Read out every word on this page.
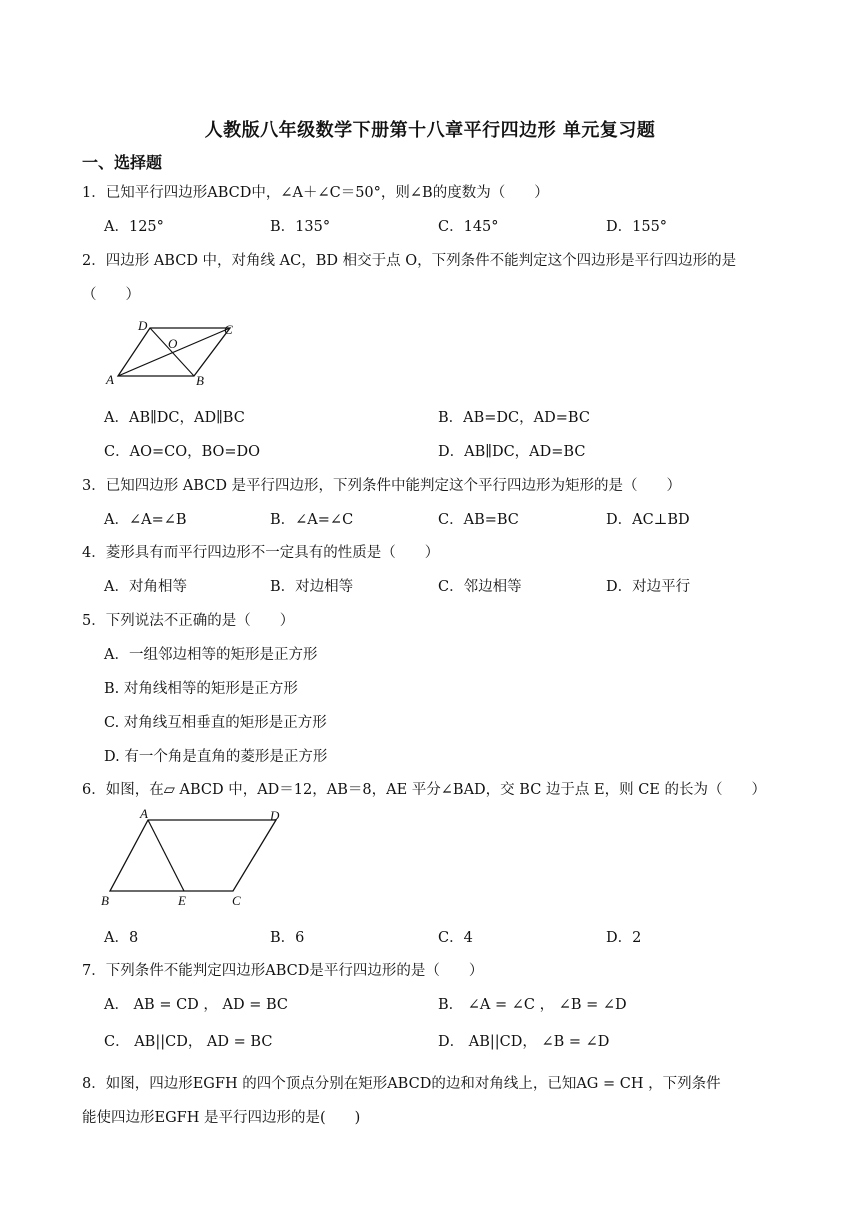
人教版八年级数学下册第十八章平行四边形 单元复习题
一、选择题
1．已知平行四边形ABCD中，∠A＋∠C＝50°，则∠B的度数为（　　）
A．125°	B．135°	C．145°	D．155°
2．四边形 ABCD 中，对角线 AC，BD 相交于点 O，下列条件不能判定这个四边形是平行四边形的是
（　　）
D	C
O
A	B
A．AB∥DC，AD∥BC	B．AB=DC，AD=BC
C．AO=CO，BO=DO	D．AB∥DC，AD=BC
3．已知四边形 ABCD 是平行四边形，下列条件中能判定这个平行四边形为矩形的是（　　）
A．∠A=∠B	B．∠A=∠C	C．AB=BC	D．AC⊥BD
4．菱形具有而平行四边形不一定具有的性质是（　　）
A．对角相等	B．对边相等	C．邻边相等	D．对边平行
5．下列说法不正确的是（　　）
A．一组邻边相等的矩形是正方形
B. 对角线相等的矩形是正方形
C. 对角线互相垂直的矩形是正方形
D. 有一个角是直角的菱形是正方形
6．如图，在▱ ABCD 中，AD＝12，AB＝8，AE 平分∠BAD，交 BC 边于点 E，则 CE 的长为（　　）
A	D
B	E	C
A．8	B．6	C．4	D．2
7．下列条件不能判定四边形ABCD是平行四边形的是（　　）
A． AB = CD ， AD = BC	B． ∠A = ∠C ， ∠B = ∠D
C． AB||CD， AD = BC	D． AB||CD， ∠B = ∠D
8．如图，四边形EGFH 的四个顶点分别在矩形ABCD的边和对角线上，已知AG = CH ，下列条件
能使四边形EGFH 是平行四边形的是(　　)
